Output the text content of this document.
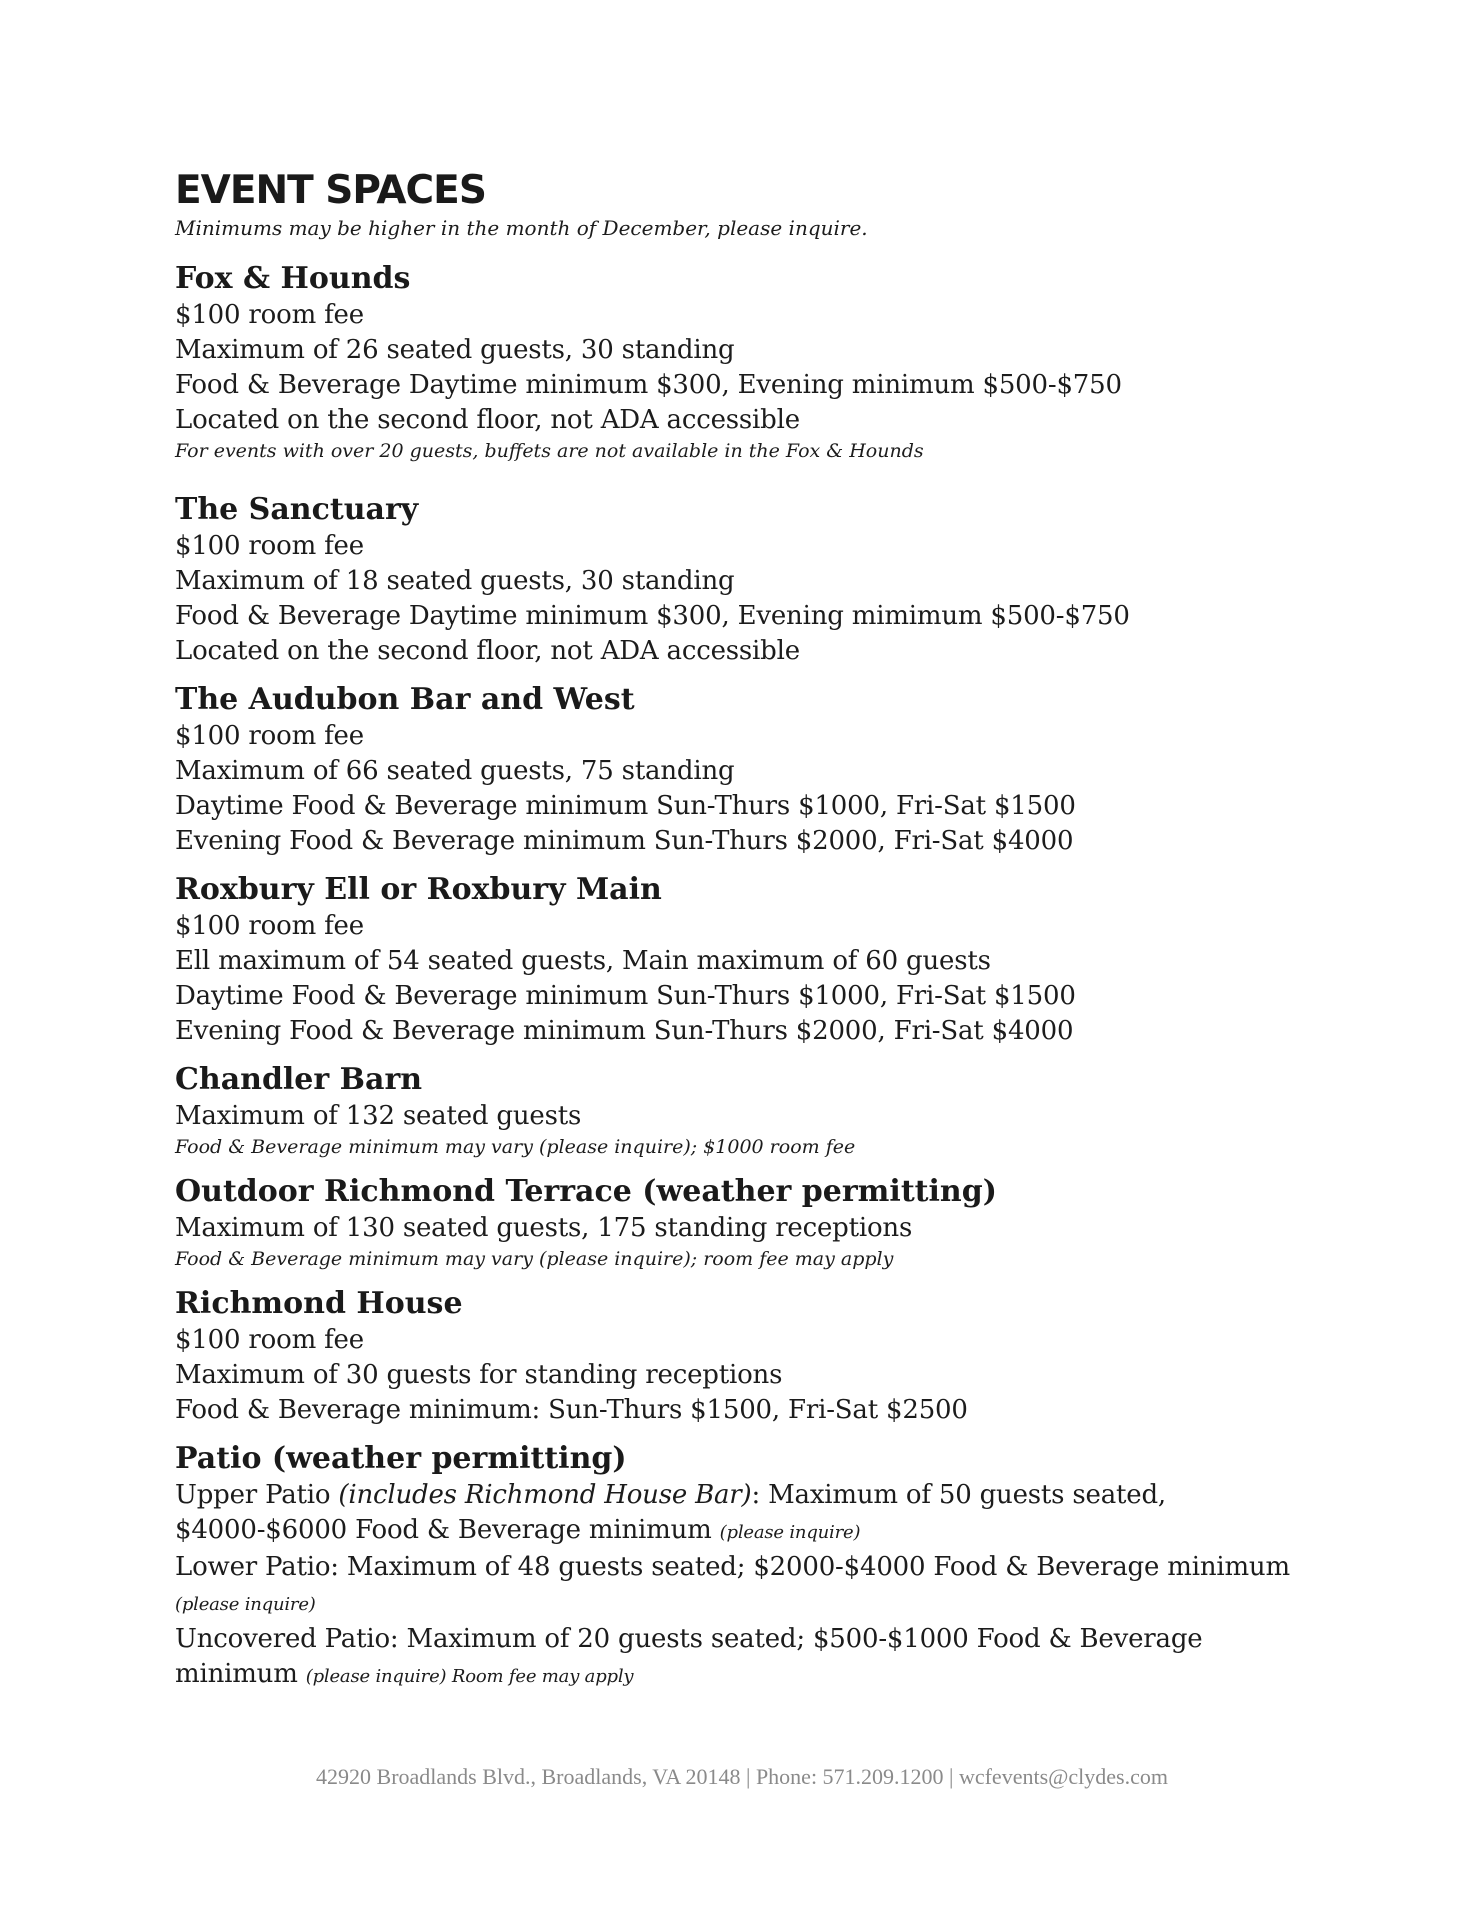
EVENT SPACES

Minimums may be higher in the month of December, please inquire.

Fox & Hounds

$100 room fee

Maximum of 26 seated guests, 30 standing

Food & Beverage Daytime minimum $300, Evening minimum $500-$750

Located on the second floor, not ADA accessible

For events with over 20 guests, buffets are not available in the Fox & Hounds

The Sanctuary

$100 room fee

Maximum of 18 seated guests, 30 standing

Food & Beverage Daytime minimum $300, Evening mimimum $500-$750

Located on the second floor, not ADA accessible

The Audubon Bar and West

$100 room fee

Maximum of 66 seated guests, 75 standing

Daytime Food & Beverage minimum Sun-Thurs $1000, Fri-Sat $1500

Evening Food & Beverage minimum Sun-Thurs $2000, Fri-Sat $4000

Roxbury Ell or Roxbury Main

$100 room fee

Ell maximum of 54 seated guests, Main maximum of 60 guests

Daytime Food & Beverage minimum Sun-Thurs $1000, Fri-Sat $1500

Evening Food & Beverage minimum Sun-Thurs $2000, Fri-Sat $4000

Chandler Barn

Maximum of 132 seated guests

Food & Beverage minimum may vary (please inquire); $1000 room fee

Outdoor Richmond Terrace (weather permitting)

Maximum of 130 seated guests, 175 standing receptions

Food & Beverage minimum may vary (please inquire); room fee may apply

Richmond House

$100 room fee

Maximum of 30 guests for standing receptions

Food & Beverage minimum: Sun-Thurs $1500, Fri-Sat $2500

Patio (weather permitting)

Upper Patio (includes Richmond House Bar): Maximum of 50 guests seated, $4000-$6000 Food & Beverage minimum (please inquire)

Lower Patio: Maximum of 48 guests seated; $2000-$4000 Food & Beverage minimum (please inquire)

Uncovered Patio: Maximum of 20 guests seated; $500-$1000 Food & Beverage minimum (please inquire) Room fee may apply

42920 Broadlands Blvd., Broadlands, VA 20148 | Phone: 571.209.1200 | wcfevents@clydes.com
